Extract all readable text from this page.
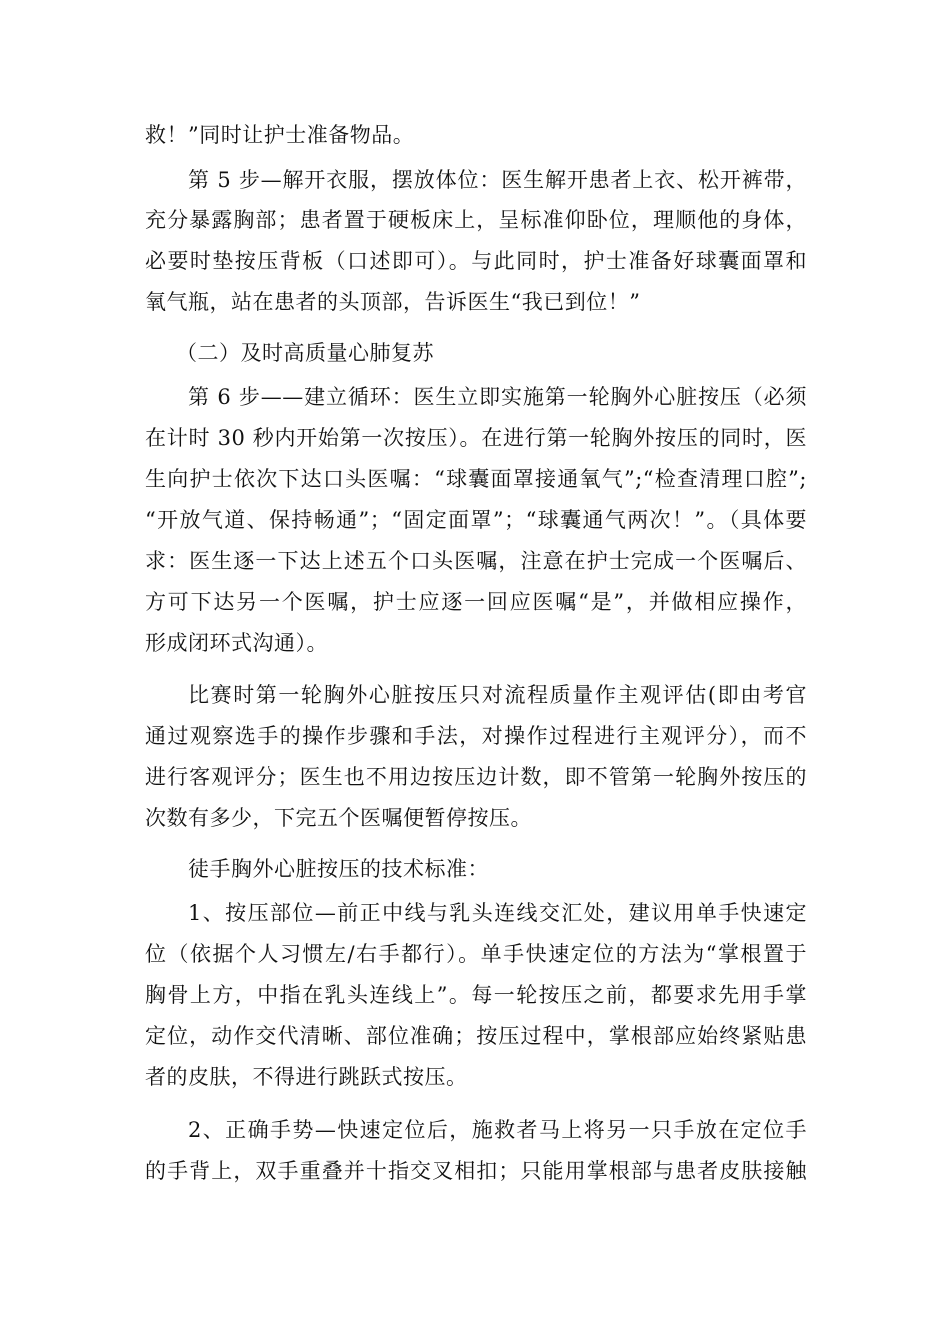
救！”同时让护士准备物品。
第 5 步—解开衣服，摆放体位：医生解开患者上衣、松开裤带，
充分暴露胸部；患者置于硬板床上，呈标准仰卧位，理顺他的身体，
必要时垫按压背板（口述即可）。与此同时，护士准备好球囊面罩和
氧气瓶，站在患者的头顶部，告诉医生“我已到位！”
（二）及时高质量心肺复苏
第 6 步——建立循环：医生立即实施第一轮胸外心脏按压（必须
在计时 30 秒内开始第一次按压）。在进行第一轮胸外按压的同时，医
生向护士依次下达口头医嘱：“球囊面罩接通氧气”;“检查清理口腔”;
“开放气道、保持畅通”；“固定面罩”；“球囊通气两次！”。（具体要
求：医生逐一下达上述五个口头医嘱，注意在护士完成一个医嘱后、
方可下达另一个医嘱，护士应逐一回应医嘱“是”，并做相应操作，
形成闭环式沟通）。
比赛时第一轮胸外心脏按压只对流程质量作主观评估(即由考官
通过观察选手的操作步骤和手法，对操作过程进行主观评分），而不
进行客观评分；医生也不用边按压边计数，即不管第一轮胸外按压的
次数有多少，下完五个医嘱便暂停按压。
徒手胸外心脏按压的技术标准：
1、按压部位—前正中线与乳头连线交汇处，建议用单手快速定
位（依据个人习惯左/右手都行）。单手快速定位的方法为“掌根置于
胸骨上方，中指在乳头连线上”。每一轮按压之前，都要求先用手掌
定位，动作交代清晰、部位准确；按压过程中，掌根部应始终紧贴患
者的皮肤，不得进行跳跃式按压。
2、正确手势—快速定位后，施救者马上将另一只手放在定位手
的手背上，双手重叠并十指交叉相扣；只能用掌根部与患者皮肤接触
